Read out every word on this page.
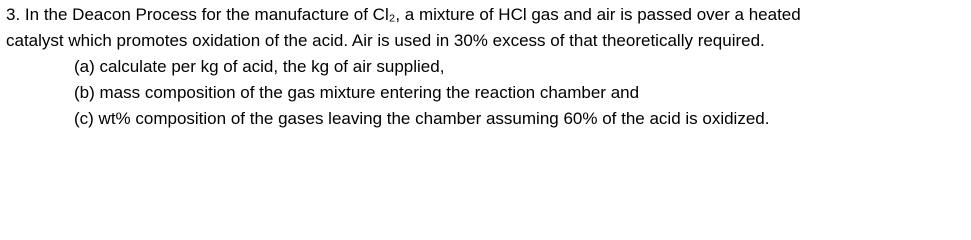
3. In the Deacon Process for the manufacture of Cl₂, a mixture of HCl gas and air is passed over a heated
catalyst which promotes oxidation of the acid. Air is used in 30% excess of that theoretically required.
(a) calculate per kg of acid, the kg of air supplied,
(b) mass composition of the gas mixture entering the reaction chamber and
(c) wt% composition of the gases leaving the chamber assuming 60% of the acid is oxidized.
